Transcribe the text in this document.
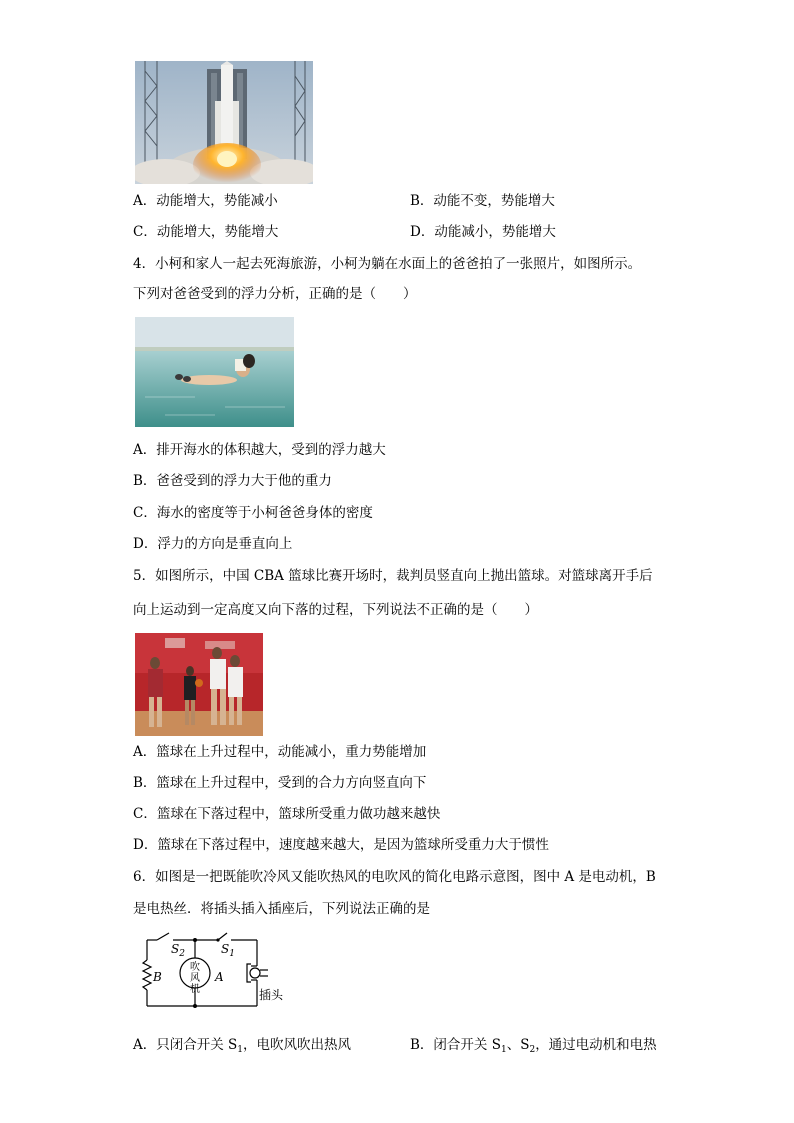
A．动能增大，势能减小	B．动能不变，势能增大
C．动能增大，势能增大	D．动能减小，势能增大
4．小柯和家人一起去死海旅游，小柯为躺在水面上的爸爸拍了一张照片，如图所示。
下列对爸爸受到的浮力分析，正确的是（　　）
A．排开海水的体积越大，受到的浮力越大
B．爸爸受到的浮力大于他的重力
C．海水的密度等于小柯爸爸身体的密度
D．浮力的方向是垂直向上
5．如图所示，中国 CBA 篮球比赛开场时，裁判员竖直向上抛出篮球。对篮球离开手后
向上运动到一定高度又向下落的过程，下列说法不正确的是（　　）
A．篮球在上升过程中，动能减小，重力势能增加
B．篮球在上升过程中，受到的合力方向竖直向下
C．篮球在下落过程中，篮球所受重力做功越来越快
D．篮球在下落过程中，速度越来越大，是因为篮球所受重力大于惯性
6．如图是一把既能吹冷风又能吹热风的电吹风的简化电路示意图，图中 A 是电动机，B
是电热丝．将插头插入插座后，下列说法正确的是
$S_2$	$S_1$
B	A
吹风
机	插头
A．只闭合开关 $S_1$，电吹风吹出热风	B．闭合开关 $S_1$、$S_2$，通过电动机和电热
